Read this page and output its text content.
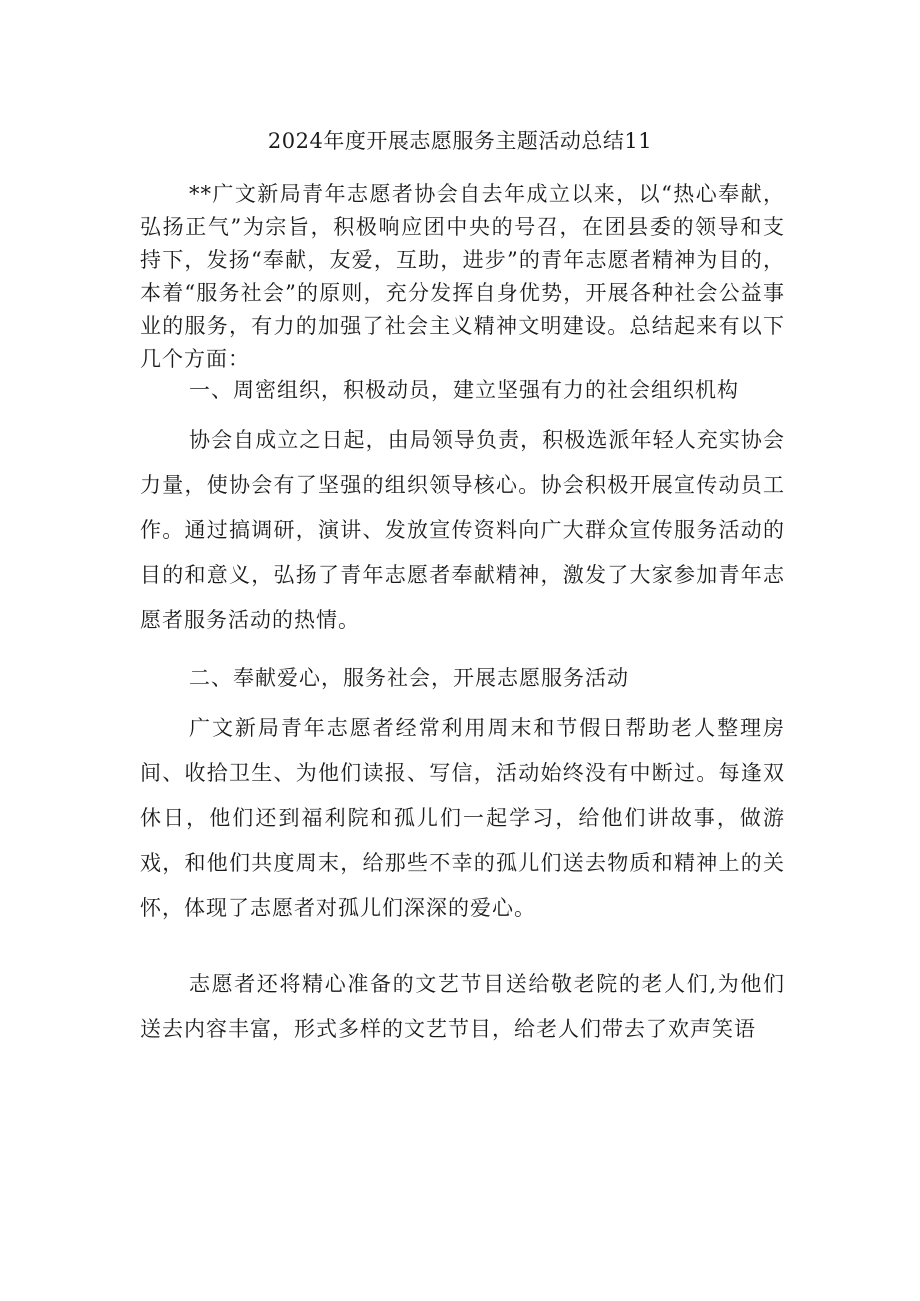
2024年度开展志愿服务主题活动总结11

**广文新局青年志愿者协会自去年成立以来，以“热心奉献，弘扬正气”为宗旨，积极响应团中央的号召，在团县委的领导和支持下，发扬“奉献，友爱，互助，进步”的青年志愿者精神为目的，本着“服务社会”的原则，充分发挥自身优势，开展各种社会公益事业的服务，有力的加强了社会主义精神文明建设。总结起来有以下几个方面：

一、周密组织，积极动员，建立坚强有力的社会组织机构

协会自成立之日起，由局领导负责，积极选派年轻人充实协会力量，使协会有了坚强的组织领导核心。协会积极开展宣传动员工作。通过搞调研，演讲、发放宣传资料向广大群众宣传服务活动的目的和意义，弘扬了青年志愿者奉献精神，激发了大家参加青年志愿者服务活动的热情。

二、奉献爱心，服务社会，开展志愿服务活动

广文新局青年志愿者经常利用周末和节假日帮助老人整理房间、收拾卫生、为他们读报、写信，活动始终没有中断过。每逢双休日，他们还到福利院和孤儿们一起学习，给他们讲故事，做游戏，和他们共度周末，给那些不幸的孤儿们送去物质和精神上的关怀，体现了志愿者对孤儿们深深的爱心。

志愿者还将精心准备的文艺节目送给敬老院的老人们,为他们送去内容丰富，形式多样的文艺节目，给老人们带去了欢声笑语
